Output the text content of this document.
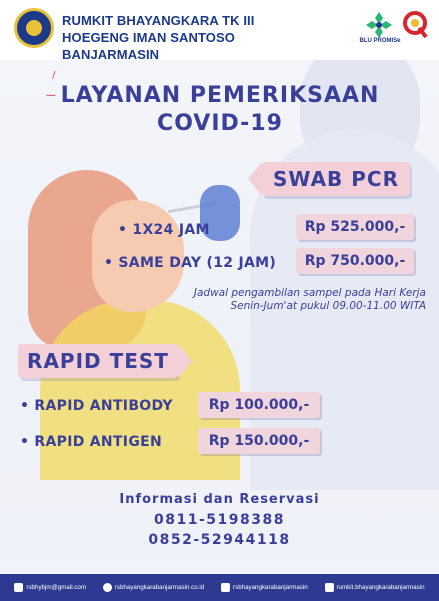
RUMKIT BHAYANGKARA TK III
HOEGENG IMAN SANTOSO BANJARMASIN
BLU PROMISe
/
— LAYANAN PEMERIKSAAN
COVID-19
SWAB PCR
• 1X24 JAM	Rp 525.000,-
• SAME DAY (12 JAM)	Rp 750.000,-
Jadwal pengambilan sampel pada Hari Kerja
Senin-Jum'at pukul 09.00-11.00 WITA
RAPID TEST
• RAPID ANTIBODY	Rp 100.000,-
• RAPID ANTIGEN	Rp 150.000,-
Informasi dan Reservasi
0811-5198388
0852-52944118
rsbhybjm@gmail.com	rsbhayangkarabanjarmasin.co.id	rsbhayangkarabanjarmasin	rumkit.bhayangkarabanjarmasin
